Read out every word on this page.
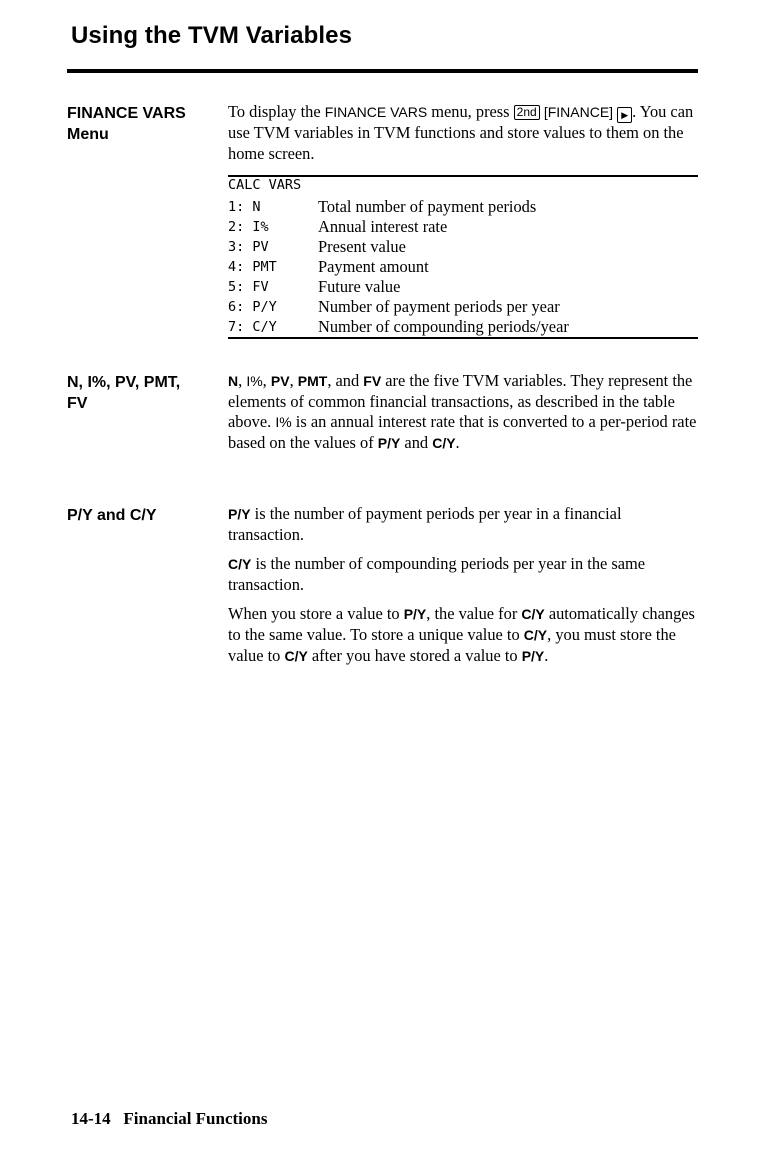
Using the TVM Variables
FINANCE VARS
Menu

To display the FINANCE VARS menu, press 2nd [FINANCE] ▶ . You can use TVM variables in TVM functions and store values to them on the home screen.

CALC VARS
1: N	Total number of payment periods
2: I%	Annual interest rate
3: PV	Present value
4: PMT	Payment amount
5: FV	Future value
6: P/Y	Number of payment periods per year
7: C/Y	Number of compounding periods/year
N, I%, PV, PMT,
FV

N, I%, PV, PMT, and FV are the five TVM variables. They represent the elements of common financial transactions, as described in the table above. I% is an annual interest rate that is converted to a per-period rate based on the values of P/Y and C/Y.

P/Y and C/Y	P/Y is the number of payment periods per year in a financial transaction.

C/Y is the number of compounding periods per year in the same transaction.

When you store a value to P/Y, the value for C/Y automatically changes to the same value. To store a unique value to C/Y, you must store the value to C/Y after you have stored a value to P/Y.

14-14   Financial Functions
